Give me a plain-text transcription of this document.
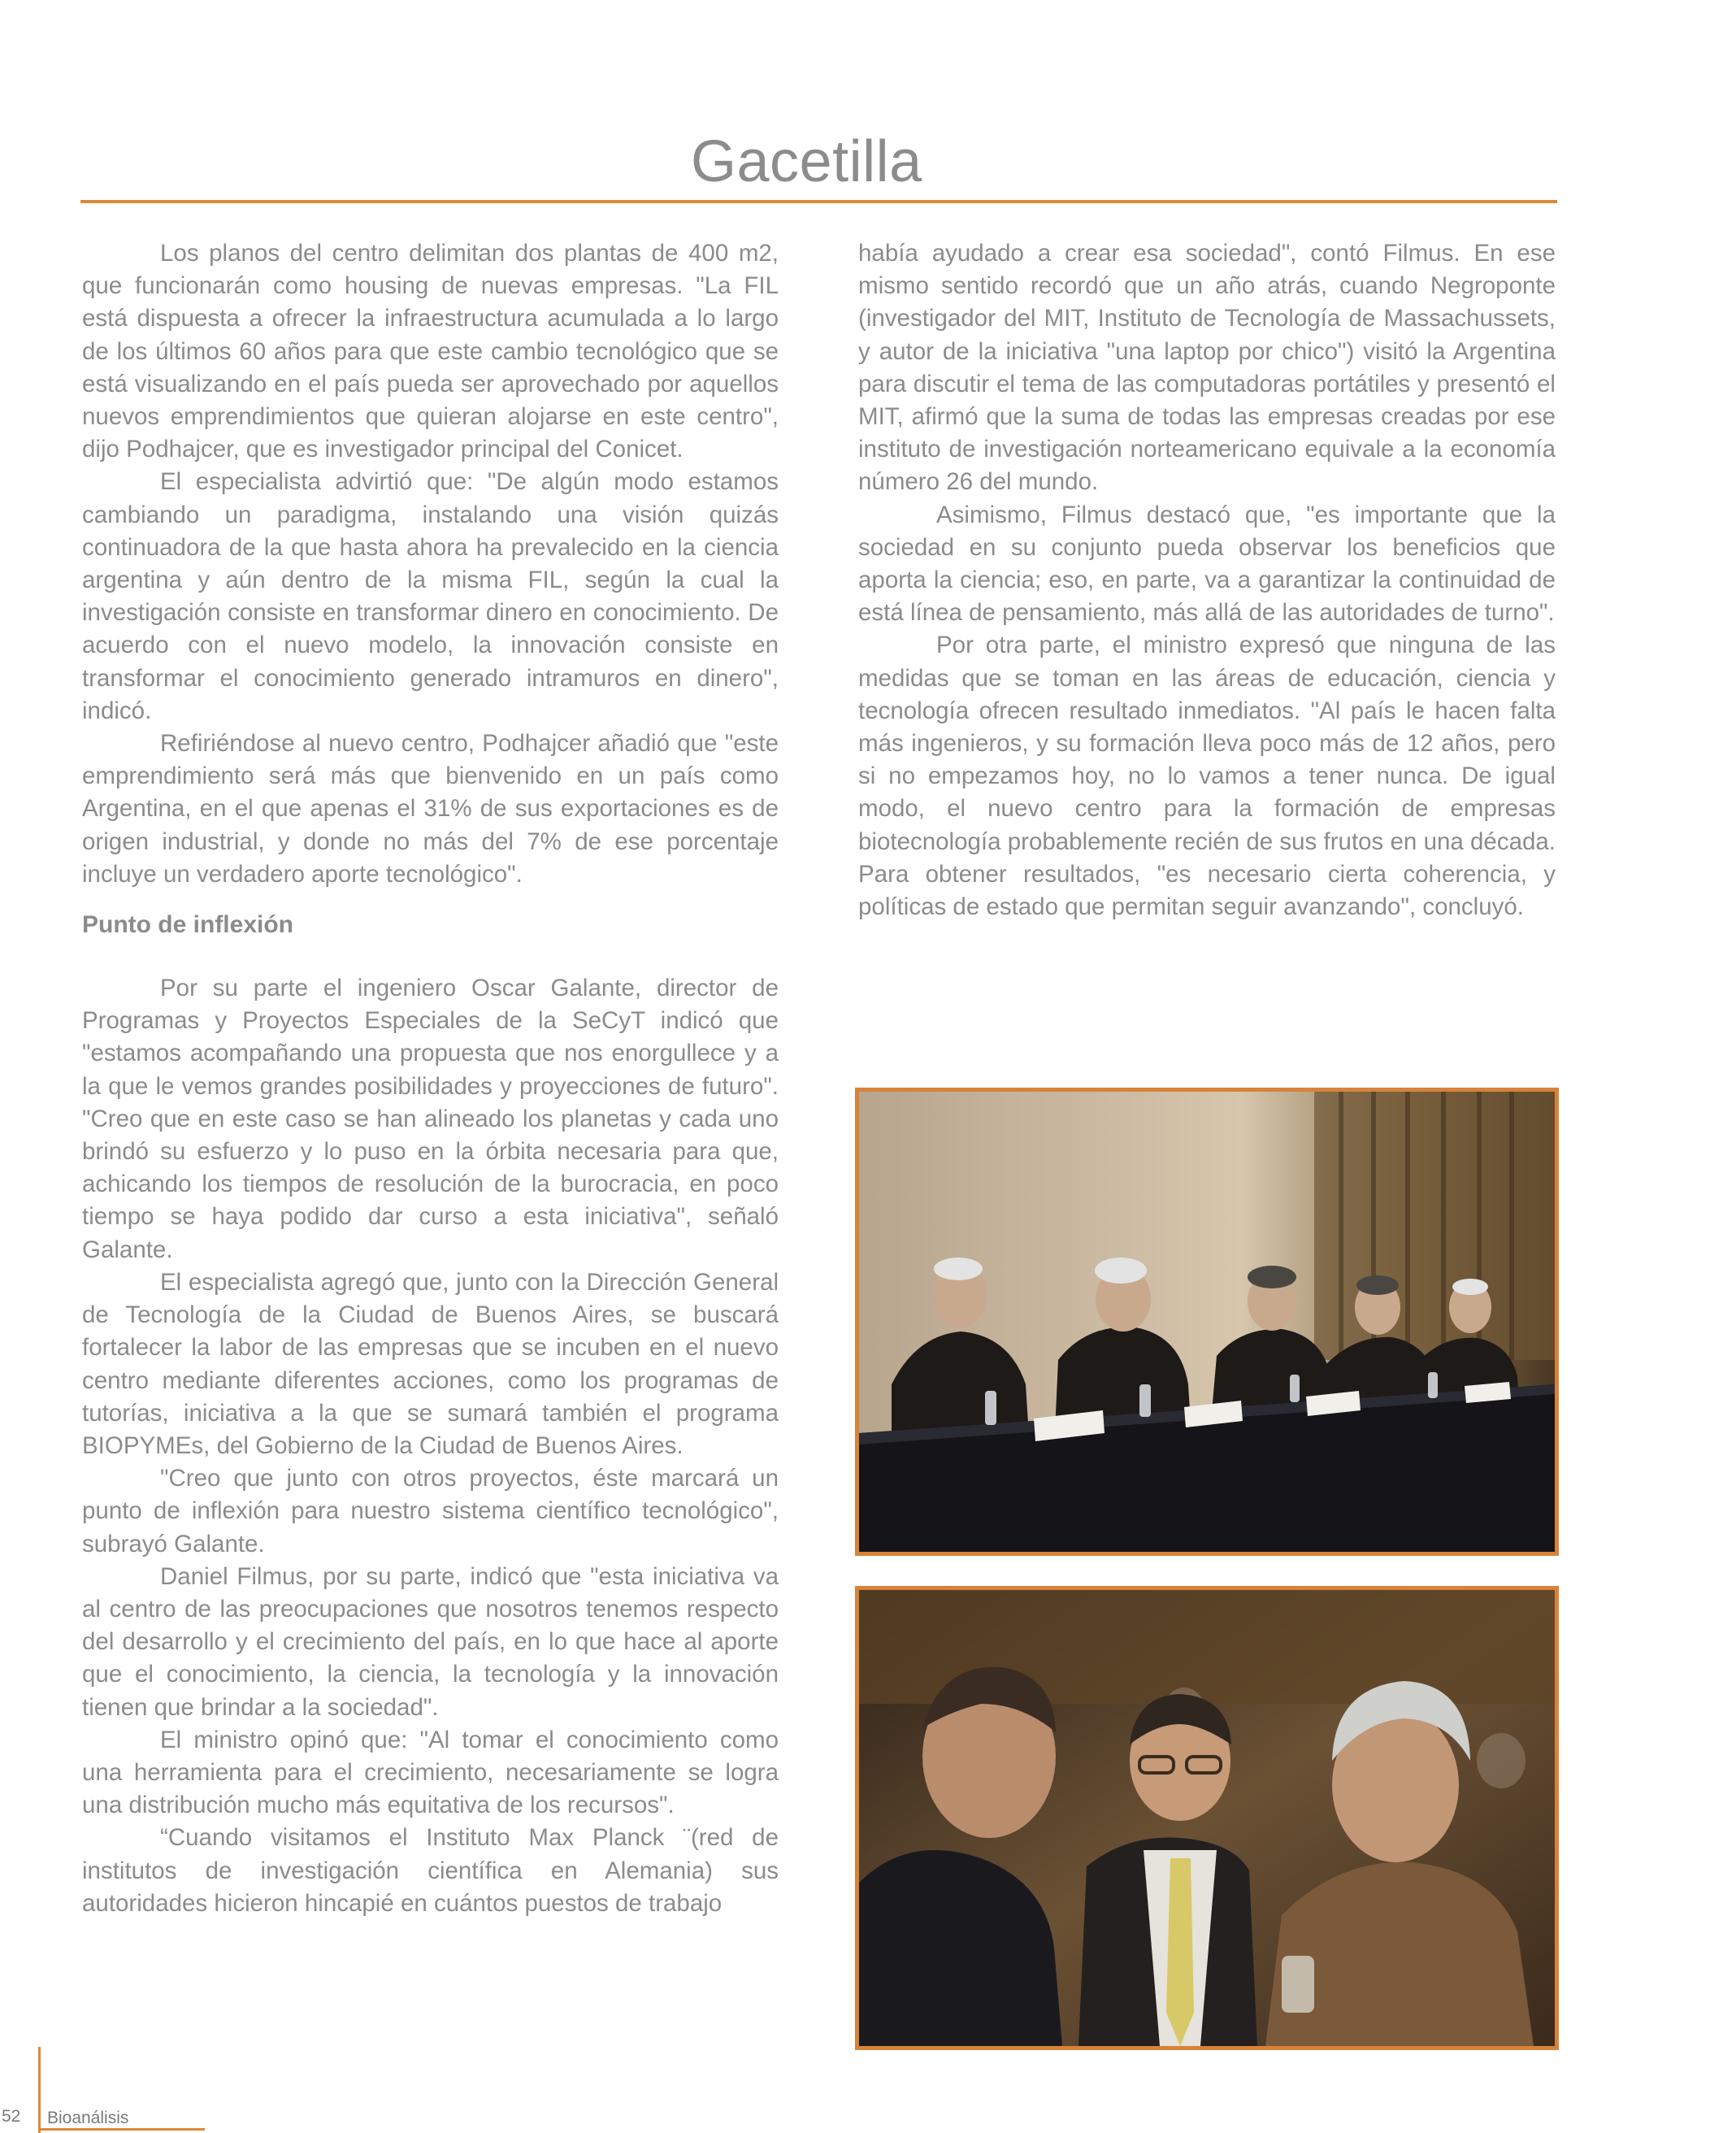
Gacetilla

Los planos del centro delimitan dos plantas de 400 m2, que funcionarán como housing de nuevas empresas. "La FIL está dispuesta a ofrecer la infraestructura acumulada a lo largo de los últimos 60 años para que este cambio tecnológico que se está visualizando en el país pueda ser aprovechado por aquellos nuevos emprendimientos que quieran alojarse en este centro", dijo Podhajcer, que es investigador principal del Conicet.

El especialista advirtió que: "De algún modo estamos cambiando un paradigma, instalando una visión quizás continuadora de la que hasta ahora ha prevalecido en la ciencia argentina y aún dentro de la misma FIL, según la cual la investigación consiste en transformar dinero en conocimiento. De acuerdo con el nuevo modelo, la innovación consiste en transformar el conocimiento generado intramuros en dinero", indicó.

Refiriéndose al nuevo centro, Podhajcer añadió que "este emprendimiento será más que bienvenido en un país como Argentina, en el que apenas el 31% de sus exportaciones es de origen industrial, y donde no más del 7% de ese porcentaje incluye un verdadero aporte tecnológico".

Punto de inflexión

Por su parte el ingeniero Oscar Galante, director de Programas y Proyectos Especiales de la SeCyT indicó que "estamos acompañando una propuesta que nos enorgullece y a la que le vemos grandes posibilidades y proyecciones de futuro". "Creo que en este caso se han alineado los planetas y cada uno brindó su esfuerzo y lo puso en la órbita necesaria para que, achicando los tiempos de resolución de la burocracia, en poco tiempo se haya podido dar curso a esta iniciativa", señaló Galante.

El especialista agregó que, junto con la Dirección General de Tecnología de la Ciudad de Buenos Aires, se buscará fortalecer la labor de las empresas que se incuben en el nuevo centro mediante diferentes acciones, como los programas de tutorías, iniciativa a la que se sumará también el programa BIOPYMEs, del Gobierno de la Ciudad de Buenos Aires.

"Creo que junto con otros proyectos, éste marcará un punto de inflexión para nuestro sistema científico tecnológico", subrayó Galante.

Daniel Filmus, por su parte, indicó que "esta iniciativa va al centro de las preocupaciones que nosotros tenemos respecto del desarrollo y el crecimiento del país, en lo que hace al aporte que el conocimiento, la ciencia, la tecnología y la innovación tienen que brindar a la sociedad".

El ministro opinó que: "Al tomar el conocimiento como una herramienta para el crecimiento, necesariamente se logra una distribución mucho más equitativa de los recursos".

“Cuando visitamos el Instituto Max Planck ¨(red de institutos de investigación científica en Alemania) sus autoridades hicieron hincapié en cuántos puestos de trabajo

había ayudado a crear esa sociedad", contó Filmus. En ese mismo sentido recordó que un año atrás, cuando Negroponte (investigador del MIT, Instituto de Tecnología de Massachussets, y autor de la iniciativa "una laptop por chico") visitó la Argentina para discutir el tema de las computadoras portátiles y presentó el MIT, afirmó que la suma de todas las empresas creadas por ese instituto de investigación norteamericano equivale a la economía número 26 del mundo.

Asimismo, Filmus destacó que, "es importante que la sociedad en su conjunto pueda observar los beneficios que aporta la ciencia; eso, en parte, va a garantizar la continuidad de está línea de pensamiento, más allá de las autoridades de turno".

Por otra parte, el ministro expresó que ninguna de las medidas que se toman en las áreas de educación, ciencia y tecnología ofrecen resultado inmediatos. "Al país le hacen falta más ingenieros, y su formación lleva poco más de 12 años, pero si no empezamos hoy, no lo vamos a tener nunca. De igual modo, el nuevo centro para la formación de empresas biotecnología probablemente recién de sus frutos en una década. Para obtener resultados, "es necesario cierta coherencia, y políticas de estado que permitan seguir avanzando", concluyó.

52 Bioanálisis
